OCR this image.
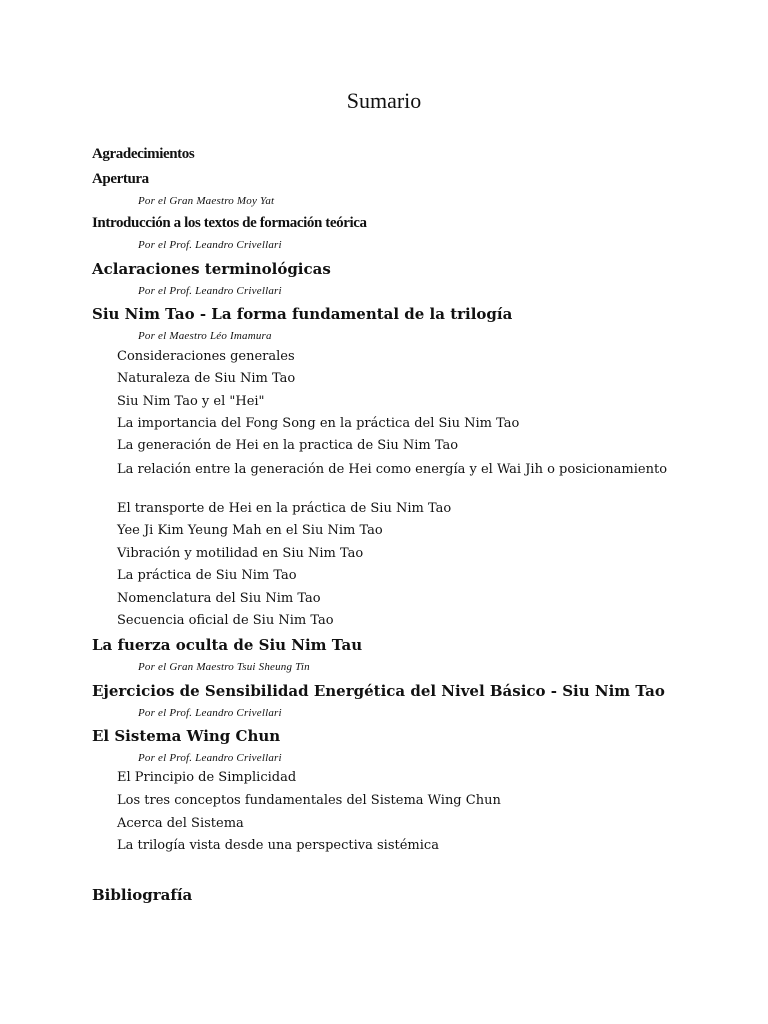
Sumario
Agradecimientos
Apertura
Por el Gran Maestro Moy Yat
Introducción a los textos de formación teórica
Por el Prof. Leandro Crivellari
Aclaraciones terminológicas
Por el Prof. Leandro Crivellari
Siu Nim Tao - La forma fundamental de la trilogía
Por el Maestro Léo Imamura
Consideraciones generales
Naturaleza de Siu Nim Tao
Siu Nim Tao y el "Hei"
La importancia del Fong Song en la práctica del Siu Nim Tao
La generación de Hei en la practica de Siu Nim Tao
La relación entre la generación de Hei como energía y el Wai Jih o posicionamiento
El transporte de Hei en la práctica de Siu Nim Tao
Yee Ji Kim Yeung Mah en el Siu Nim Tao
Vibración y motilidad en Siu Nim Tao
La práctica de Siu Nim Tao
Nomenclatura del Siu Nim Tao
Secuencia oficial de Siu Nim Tao
La fuerza oculta de Siu Nim Tau
Por el Gran Maestro Tsui Sheung Tin
Ejercicios de Sensibilidad Energética del Nivel Básico - Siu Nim Tao
Por el Prof. Leandro Crivellari
El Sistema Wing Chun
Por el Prof. Leandro Crivellari
El Principio de Simplicidad
Los tres conceptos fundamentales del Sistema Wing Chun
Acerca del Sistema
La trilogía vista desde una perspectiva sistémica
Bibliografía
